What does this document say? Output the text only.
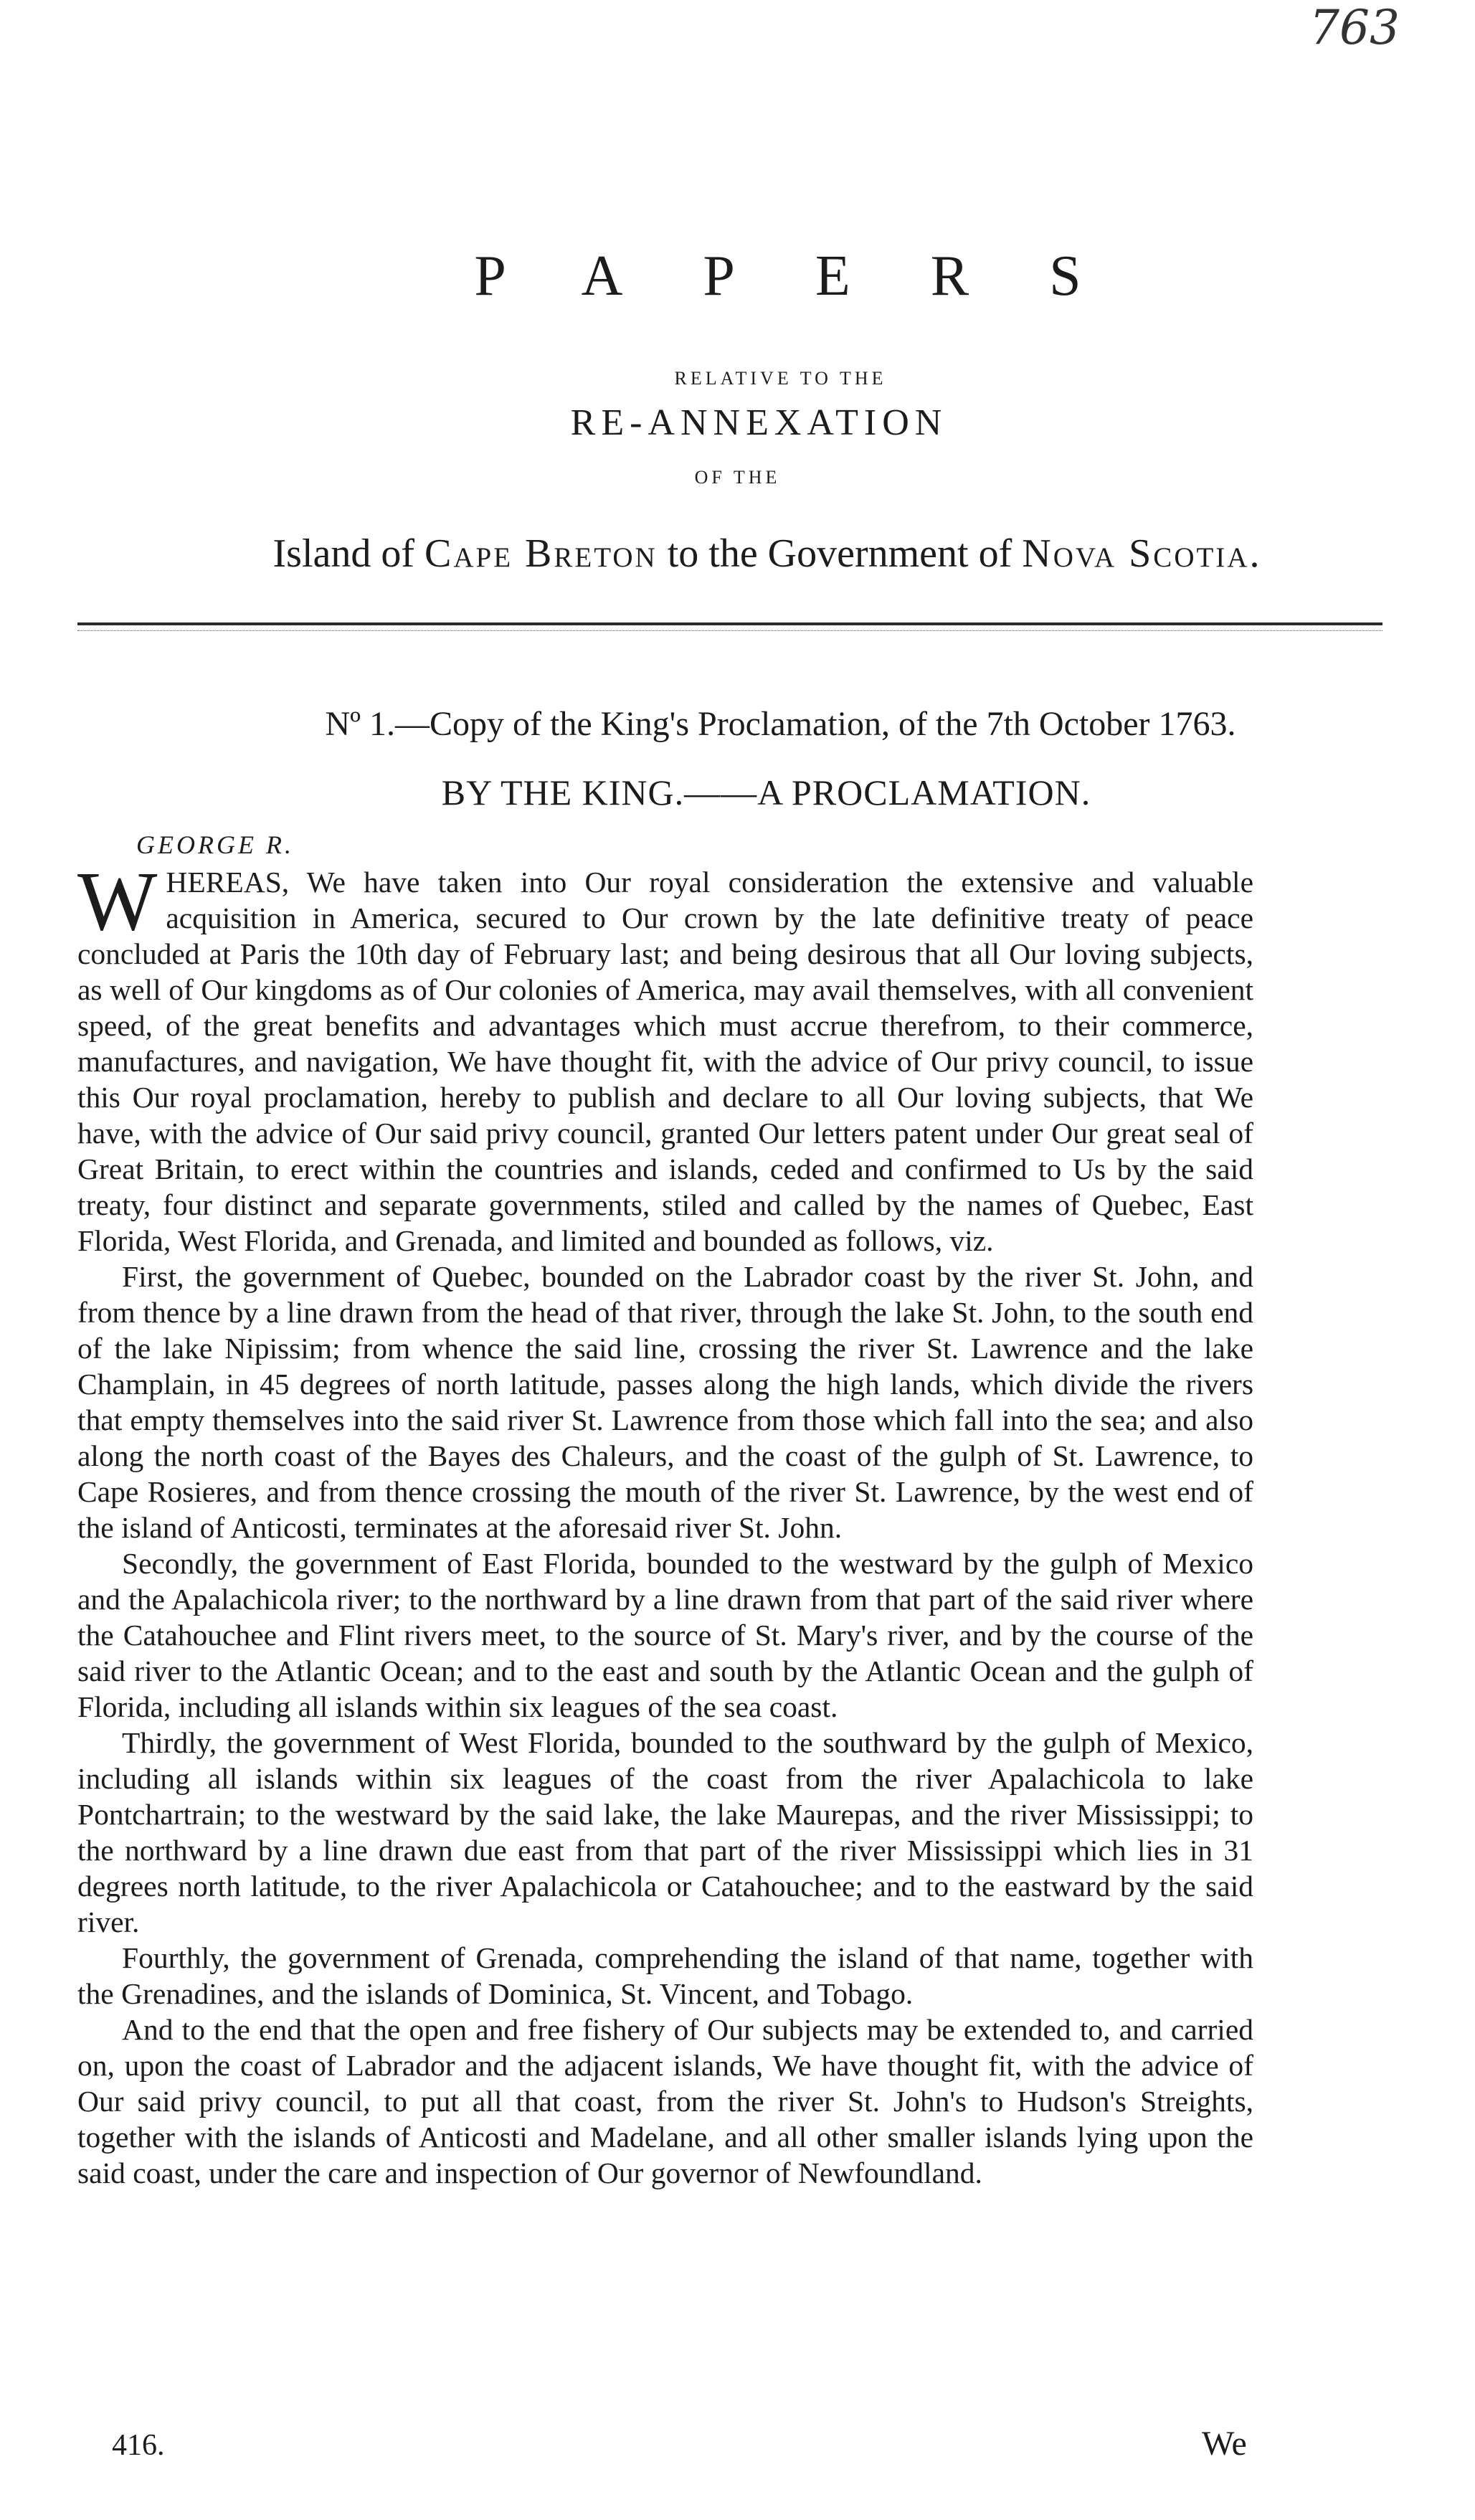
763
PAPERS
RELATIVE TO THE
RE-ANNEXATION
OF THE
Island of Cape Breton to the Government of Nova Scotia.
Nº 1.—Copy of the King's Proclamation, of the 7th October 1763.
BY THE KING.——A PROCLAMATION.
GEORGE R.

WHEREAS, We have taken into Our royal consideration the extensive and valuable acquisition in America, secured to Our crown by the late definitive treaty of peace concluded at Paris the 10th day of February last; and being desirous that all Our loving subjects, as well of Our kingdoms as of Our colonies of America, may avail themselves, with all convenient speed, of the great benefits and advantages which must accrue therefrom, to their commerce, manufactures, and navigation, We have thought fit, with the advice of Our privy council, to issue this Our royal proclamation, hereby to publish and declare to all Our loving subjects, that We have, with the advice of Our said privy council, granted Our letters patent under Our great seal of Great Britain, to erect within the countries and islands, ceded and confirmed to Us by the said treaty, four distinct and separate governments, stiled and called by the names of Quebec, East Florida, West Florida, and Grenada, and limited and bounded as follows, viz.

First, the government of Quebec, bounded on the Labrador coast by the river St. John, and from thence by a line drawn from the head of that river, through the lake St. John, to the south end of the lake Nipissim; from whence the said line, crossing the river St. Lawrence and the lake Champlain, in 45 degrees of north latitude, passes along the high lands, which divide the rivers that empty themselves into the said river St. Lawrence from those which fall into the sea; and also along the north coast of the Bayes des Chaleurs, and the coast of the gulph of St. Lawrence, to Cape Rosieres, and from thence crossing the mouth of the river St. Lawrence, by the west end of the island of Anticosti, terminates at the aforesaid river St. John.

Secondly, the government of East Florida, bounded to the westward by the gulph of Mexico and the Apalachicola river; to the northward by a line drawn from that part of the said river where the Catahouchee and Flint rivers meet, to the source of St. Mary's river, and by the course of the said river to the Atlantic Ocean; and to the east and south by the Atlantic Ocean and the gulph of Florida, including all islands within six leagues of the sea coast.

Thirdly, the government of West Florida, bounded to the southward by the gulph of Mexico, including all islands within six leagues of the coast from the river Apalachicola to lake Pontchartrain; to the westward by the said lake, the lake Maurepas, and the river Mississippi; to the northward by a line drawn due east from that part of the river Mississippi which lies in 31 degrees north latitude, to the river Apalachicola or Catahouchee; and to the eastward by the said river.

Fourthly, the government of Grenada, comprehending the island of that name, together with the Grenadines, and the islands of Dominica, St. Vincent, and Tobago.

And to the end that the open and free fishery of Our subjects may be extended to, and carried on, upon the coast of Labrador and the adjacent islands, We have thought fit, with the advice of Our said privy council, to put all that coast, from the river St. John's to Hudson's Streights, together with the islands of Anticosti and Madelane, and all other smaller islands lying upon the said coast, under the care and inspection of Our governor of Newfoundland.

416.	We
